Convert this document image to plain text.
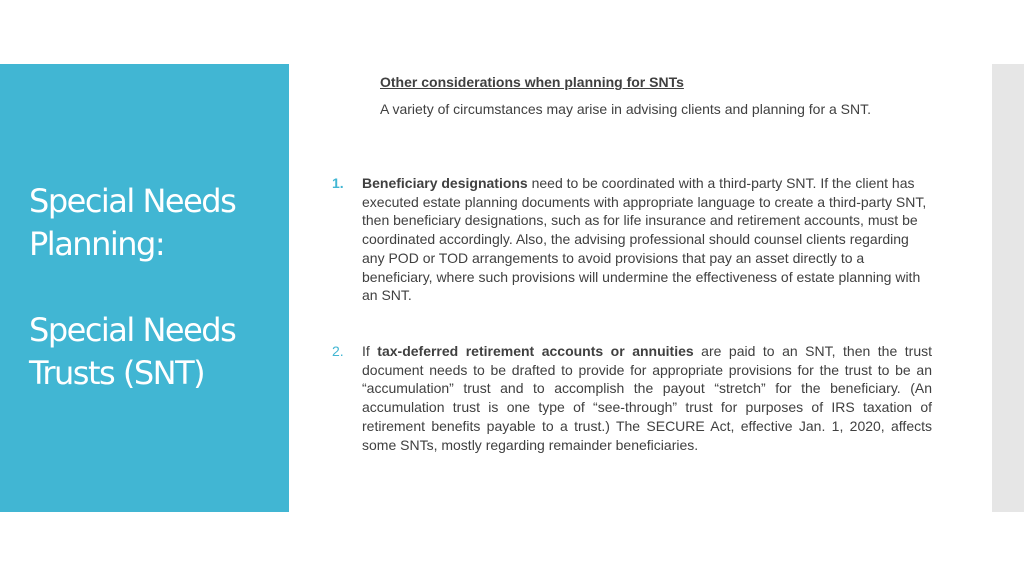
Special Needs
Planning:
Special Needs
Trusts (SNT)
Other considerations when planning for SNTs
A variety of circumstances may arise in advising clients and planning for a SNT.
1. Beneficiary designations need to be coordinated with a third-party SNT. If the client has executed estate planning documents with appropriate language to create a third-party SNT, then beneficiary designations, such as for life insurance and retirement accounts, must be coordinated accordingly. Also, the advising professional should counsel clients regarding any POD or TOD arrangements to avoid provisions that pay an asset directly to a beneficiary, where such provisions will undermine the effectiveness of estate planning with an SNT.
2. If tax-deferred retirement accounts or annuities are paid to an SNT, then the trust document needs to be drafted to provide for appropriate provisions for the trust to be an “accumulation” trust and to accomplish the payout “stretch” for the beneficiary. (An accumulation trust is one type of “see-through” trust for purposes of IRS taxation of retirement benefits payable to a trust.) The SECURE Act, effective Jan. 1, 2020, affects some SNTs, mostly regarding remainder beneficiaries.
